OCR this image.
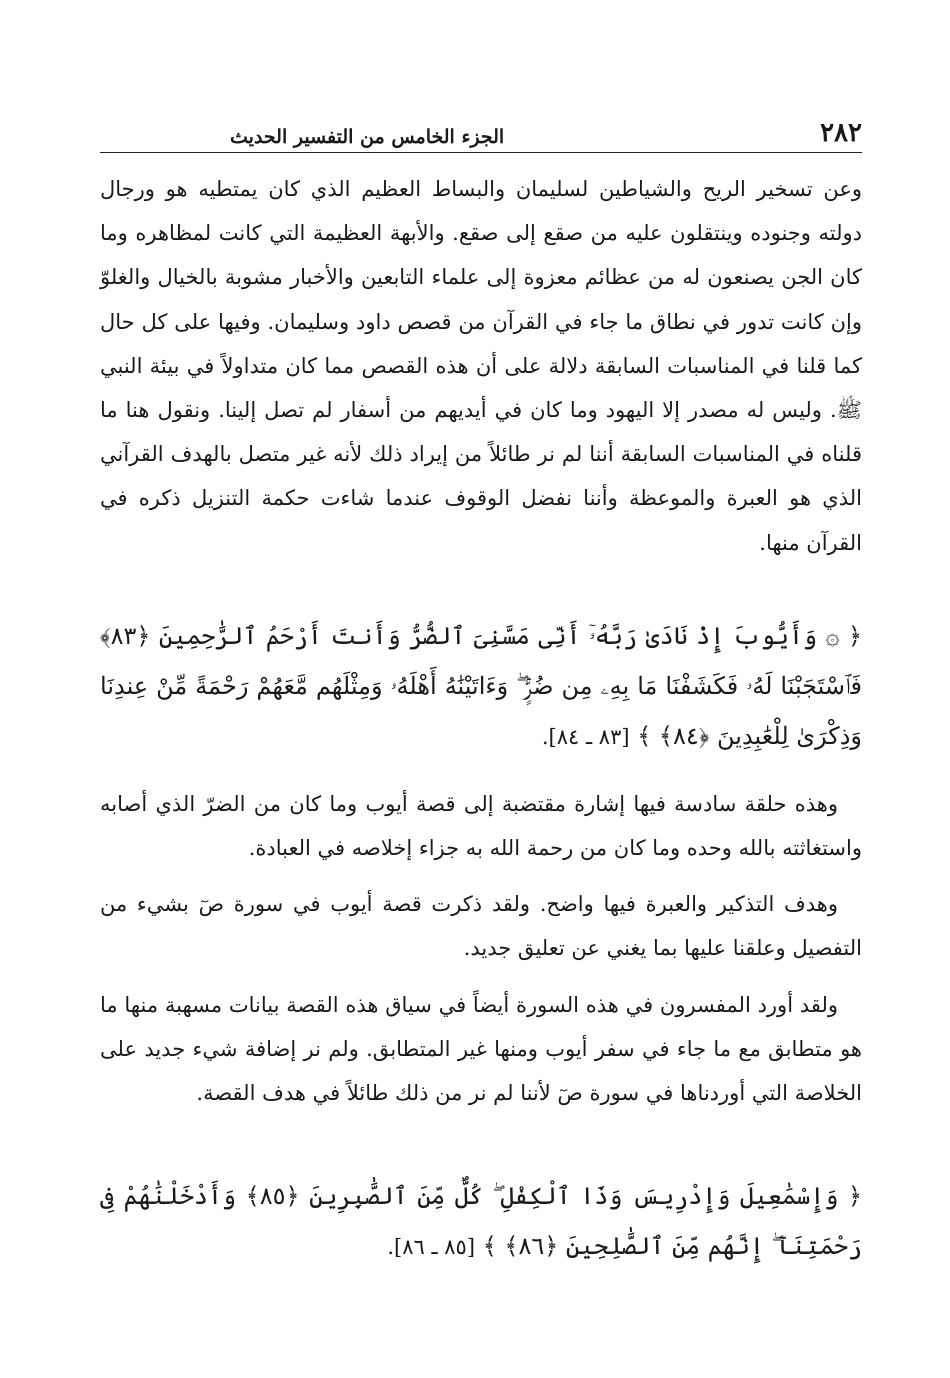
٢٨٢
الجزء الخامس من التفسير الحديث

وعن تسخير الريح والشياطين لسليمان والبساط العظيم الذي كان يمتطيه هو ورجال دولته وجنوده وينتقلون عليه من صقع إلى صقع. والأبهة العظيمة التي كانت لمظاهره وما كان الجن يصنعون له من عظائم معزوة إلى علماء التابعين والأخبار مشوبة بالخيال والغلوّ وإن كانت تدور في نطاق ما جاء في القرآن من قصص داود وسليمان. وفيها على كل حال كما قلنا في المناسبات السابقة دلالة على أن هذه القصص مما كان متداولاً في بيئة النبي ﷺ. وليس له مصدر إلا اليهود وما كان في أيديهم من أسفار لم تصل إلينا. ونقول هنا ما قلناه في المناسبات السابقة أننا لم نر طائلاً من إيراد ذلك لأنه غير متصل بالهدف القرآني الذي هو العبرة والموعظة وأننا نفضل الوقوف عندما شاءت حكمة التنزيل ذكره في القرآن منها.

﴿ ۞ وَأَيُّوبَ إِذْ نَادَىٰ رَبَّهُۥٓ أَنِّى مَسَّنِىَ ٱلضُّرُّ وَأَنتَ أَرْحَمُ ٱلرَّٰحِمِينَ ﴿٨٣﴾ فَٱسْتَجَبْنَا لَهُۥ فَكَشَفْنَا مَا بِهِۦ مِن ضُرٍّۢ ۖ وَءَاتَيْنَٰهُ أَهْلَهُۥ وَمِثْلَهُم مَّعَهُمْ رَحْمَةً مِّنْ عِندِنَا وَذِكْرَىٰ لِلْعَٰبِدِينَ ﴿٨٤﴾ ﴾ [٨٣ ـ ٨٤].

وهذه حلقة سادسة فيها إشارة مقتضبة إلى قصة أيوب وما كان من الضرّ الذي أصابه واستغاثته بالله وحده وما كان من رحمة الله به جزاء إخلاصه في العبادة.

وهدف التذكير والعبرة فيها واضح. ولقد ذكرت قصة أيوب في سورة صٓ بشيء من التفصيل وعلقنا عليها بما يغني عن تعليق جديد.

ولقد أورد المفسرون في هذه السورة أيضاً في سياق هذه القصة بيانات مسهبة منها ما هو متطابق مع ما جاء في سفر أيوب ومنها غير المتطابق. ولم نر إضافة شيء جديد على الخلاصة التي أوردناها في سورة صٓ لأننا لم نر من ذلك طائلاً في هدف القصة.

﴿ وَإِسْمَٰعِيلَ وَإِدْرِيسَ وَذَا ٱلْكِفْلِ ۖ كُلٌّ مِّنَ ٱلصَّٰبِرِينَ ﴿٨٥﴾ وَأَدْخَلْنَٰهُمْ فِى رَحْمَتِنَآ ۖ إِنَّهُم مِّنَ ٱلصَّٰلِحِينَ ﴿٨٦﴾ ﴾ [٨٥ ـ ٨٦].
